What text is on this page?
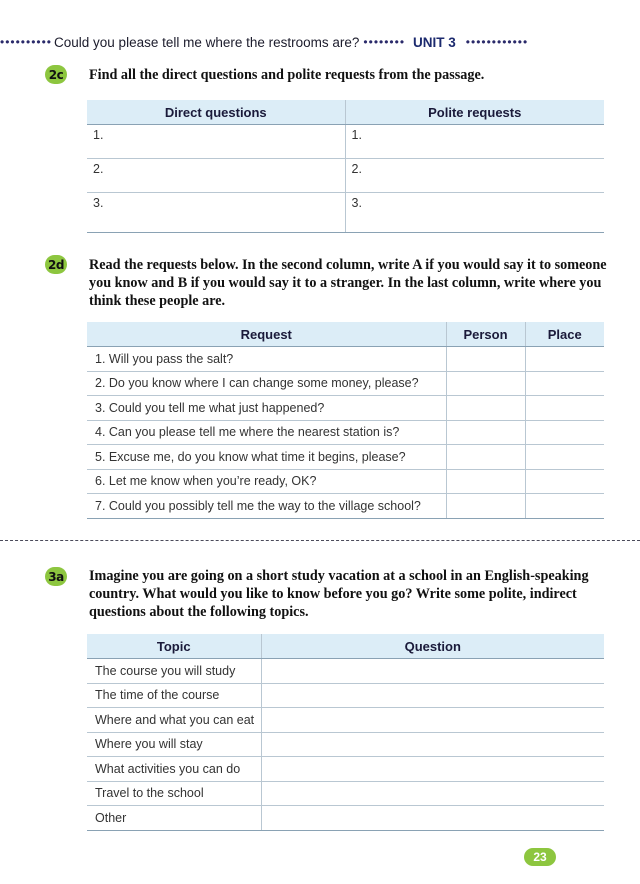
•••••••••• Could you please tell me where the restrooms are? •••••••• UNIT 3 ••••••••••••
2c Find all the direct questions and polite requests from the passage.
Direct questions	Polite requests
1.	1.
2.	2.
3.	3.
2d Read the requests below. In the second column, write A if you would say it to someone you know and B if you would say it to a stranger. In the last column, write where you think these people are.
Request	Person	Place
1. Will you pass the salt?		
2. Do you know where I can change some money, please?		
3. Could you tell me what just happened?		
4. Can you please tell me where the nearest station is?		
5. Excuse me, do you know what time it begins, please?		
6. Let me know when you’re ready, OK?		
7. Could you possibly tell me the way to the village school?		
3a Imagine you are going on a short study vacation at a school in an English-speaking country. What would you like to know before you go? Write some polite, indirect questions about the following topics.
Topic	Question
The course you will study	
The time of the course	
Where and what you can eat	
Where you will stay	
What activities you can do	
Travel to the school	
Other	
23
